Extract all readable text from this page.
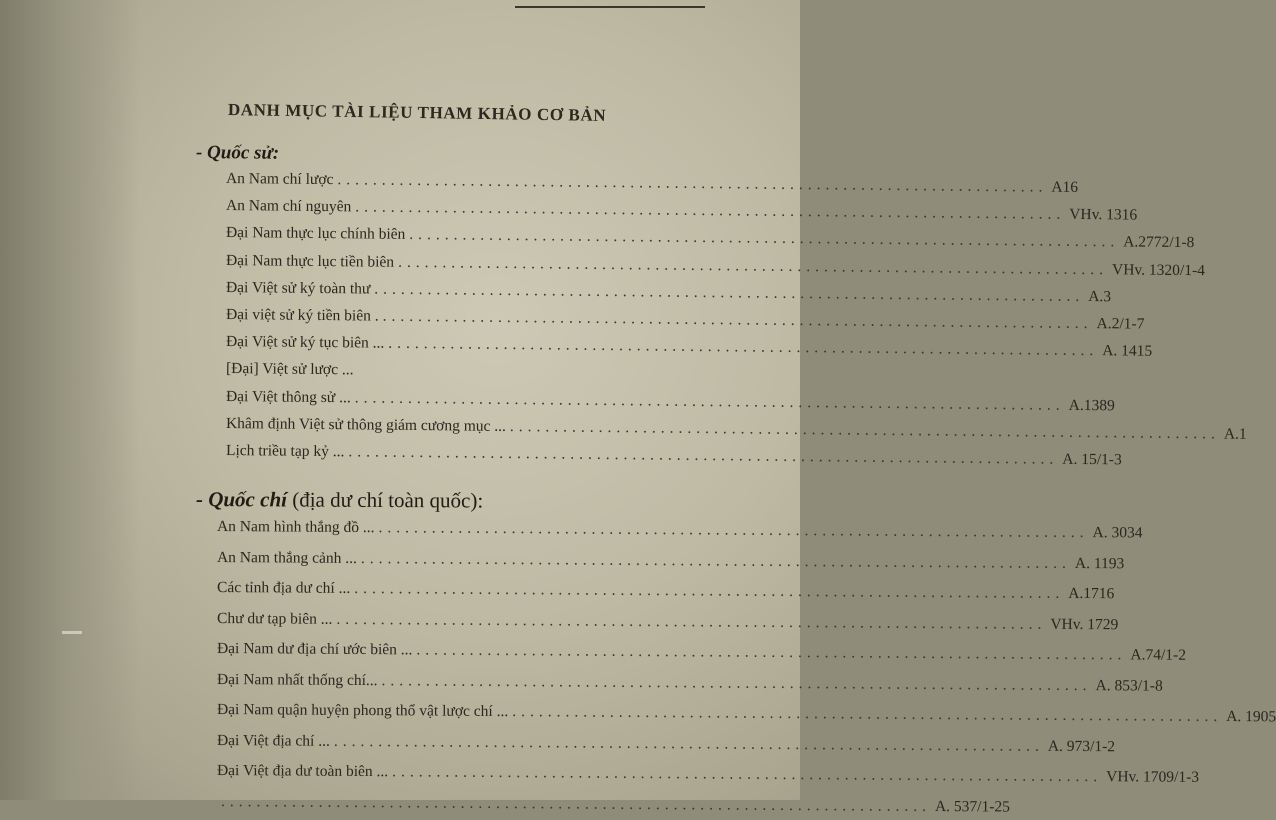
DANH MỤC TÀI LIỆU THAM KHẢO CƠ BẢN
- Quốc sử:
- Quốc chí (địa dư chí toàn quốc):
An Nam chí lược ................................................................................ A16
An Nam chí nguyên ................................................................................ VHv. 1316
Đại Nam thực lục chính biên ................................................................................ A.2772/1-8
Đại Nam thực lục tiền biên ................................................................................ VHv. 1320/1-4
Đại Việt sử ký toàn thư ................................................................................ A.3
Đại việt sử ký tiền biên . ................................................................................ A.2/1-7
Đại Việt sử ký tục biên ... ................................................................................ A. 1415
[Đại] Việt sử lược ...
Đại Việt thông sử ... ................................................................................ A.1389
Khâm định Việt sử thông giám cương mục ... ................................................................................ A.1
Lịch triều tạp kỷ ... ................................................................................ A. 15/1-3
An Nam hình thắng đồ ... ................................................................................ A. 3034
An Nam thắng cảnh ... ................................................................................ A. 1193
Các tỉnh địa dư chí ... ................................................................................ A.1716
Chư dư tạp biên ... ................................................................................ VHv. 1729
Đại Nam dư địa chí ước biên ... ................................................................................ A.74/1-2
Đại Nam nhất thống chí... ................................................................................ A. 853/1-8
Đại Nam quận huyện phong thổ vật lược chí ... ................................................................................ A. 1905
Đại Việt địa chí ... ................................................................................ A. 973/1-2
Đại Việt địa dư toàn biên ... ................................................................................ VHv. 1709/1-3
................................................................................ A. 537/1-25
